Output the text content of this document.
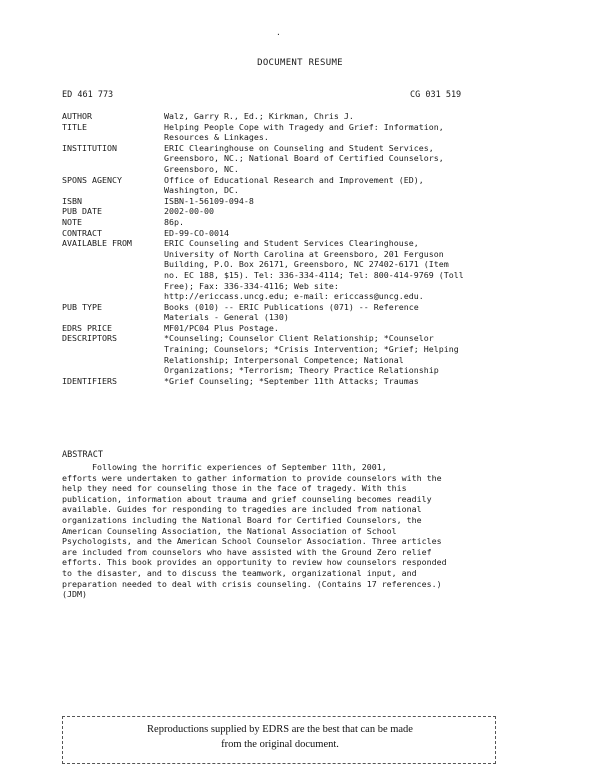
·
DOCUMENT RESUME
ED 461 773	CG 031 519
AUTHOR	Walz, Garry R., Ed.; Kirkman, Chris J.
TITLE	Helping People Cope with Tragedy and Grief: Information,
Resources & Linkages.
INSTITUTION	ERIC Clearinghouse on Counseling and Student Services,
Greensboro, NC.; National Board of Certified Counselors,
Greensboro, NC.
SPONS AGENCY	Office of Educational Research and Improvement (ED),
Washington, DC.
ISBN	ISBN-1-56109-094-8
PUB DATE	2002-00-00
NOTE	86p.
CONTRACT	ED-99-CO-0014
AVAILABLE FROM	ERIC Counseling and Student Services Clearinghouse,
University of North Carolina at Greensboro, 201 Ferguson
Building, P.O. Box 26171, Greensboro, NC 27402-6171 (Item
no. EC 188, $15). Tel: 336-334-4114; Tel: 800-414-9769 (Toll
Free); Fax: 336-334-4116; Web site:
http://ericcass.uncg.edu; e-mail: ericcass@uncg.edu.
PUB TYPE	Books (010) -- ERIC Publications (071) -- Reference
Materials - General (130)
EDRS PRICE	MF01/PC04 Plus Postage.
DESCRIPTORS	*Counseling; Counselor Client Relationship; *Counselor
Training; Counselors; *Crisis Intervention; *Grief; Helping
Relationship; Interpersonal Competence; National
Organizations; *Terrorism; Theory Practice Relationship
IDENTIFIERS	*Grief Counseling; *September 11th Attacks; Traumas
ABSTRACT
Following the horrific experiences of September 11th, 2001,
efforts were undertaken to gather information to provide counselors with the
help they need for counseling those in the face of tragedy. With this
publication, information about trauma and grief counseling becomes readily
available. Guides for responding to tragedies are included from national
organizations including the National Board for Certified Counselors, the
American Counseling Association, the National Association of School
Psychologists, and the American School Counselor Association. Three articles
are included from counselors who have assisted with the Ground Zero relief
efforts. This book provides an opportunity to review how counselors responded
to the disaster, and to discuss the teamwork, organizational input, and
preparation needed to deal with crisis counseling. (Contains 17 references.)
(JDM)
Reproductions supplied by EDRS are the best that can be made
from the original document.
